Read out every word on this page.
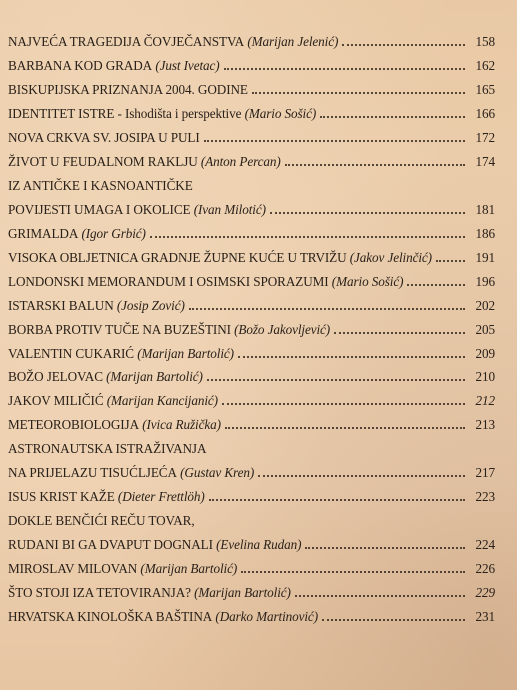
NAJVEĆA TRAGEDIJA ČOVJEČANSTVA
(Marijan Jelenić)	158
BARBANA KOD GRADA
(Just Ivetac)	162
BISKUPIJSKA PRIZNANJA 2004. GODINE	165
IDENTITET ISTRE - Ishodišta i perspektive
(Mario Sošić)	166
NOVA CRKVA SV. JOSIPA U PULI	172
ŽIVOT U FEUDALNOM RAKLJU
(Anton Percan)	174
IZ ANTIČKE I KASNOANTIČKE
POVIJESTI UMAGA I OKOLICE
(Ivan Milotić)	181
GRIMALDA
(Igor Grbić)	186
VISOKA OBLJETNICA GRADNJE ŽUPNE KUĆE U TRVIŽU
(Jakov Jelinčić)	191
LONDONSKI MEMORANDUM I OSIMSKI SPORAZUMI
(Mario Sošić)	196
ISTARSKI BALUN
(Josip Zović)	202
BORBA PROTIV TUČE NA BUZEŠTINI
(Božo Jakovljević)	205
VALENTIN CUKARIĆ
(Marijan Bartolić)	209
BOŽO JELOVAC
(Marijan Bartolić)	210
JAKOV MILIČIĆ
(Marijan Kancijanić)	212
METEOROBIOLOGIJA
(Ivica Ružička)	213
ASTRONAUTSKA ISTRAŽIVANJA
NA PRIJELAZU TISUĆLJEĆA
(Gustav Kren)	217
ISUS KRIST KAŽE
(Dieter Frettlöh)	223
DOKLE BENČIĆI REČU TOVAR,
RUDANI BI GA DVAPUT DOGNALI
(Evelina Rudan)	224
MIROSLAV MILOVAN
(Marijan Bartolić)	226
ŠTO STOJI IZA TETOVIRANJA?
(Marijan Bartolić)	229
HRVATSKA KINOLOŠKA BAŠTINA
(Darko Martinović)	231
